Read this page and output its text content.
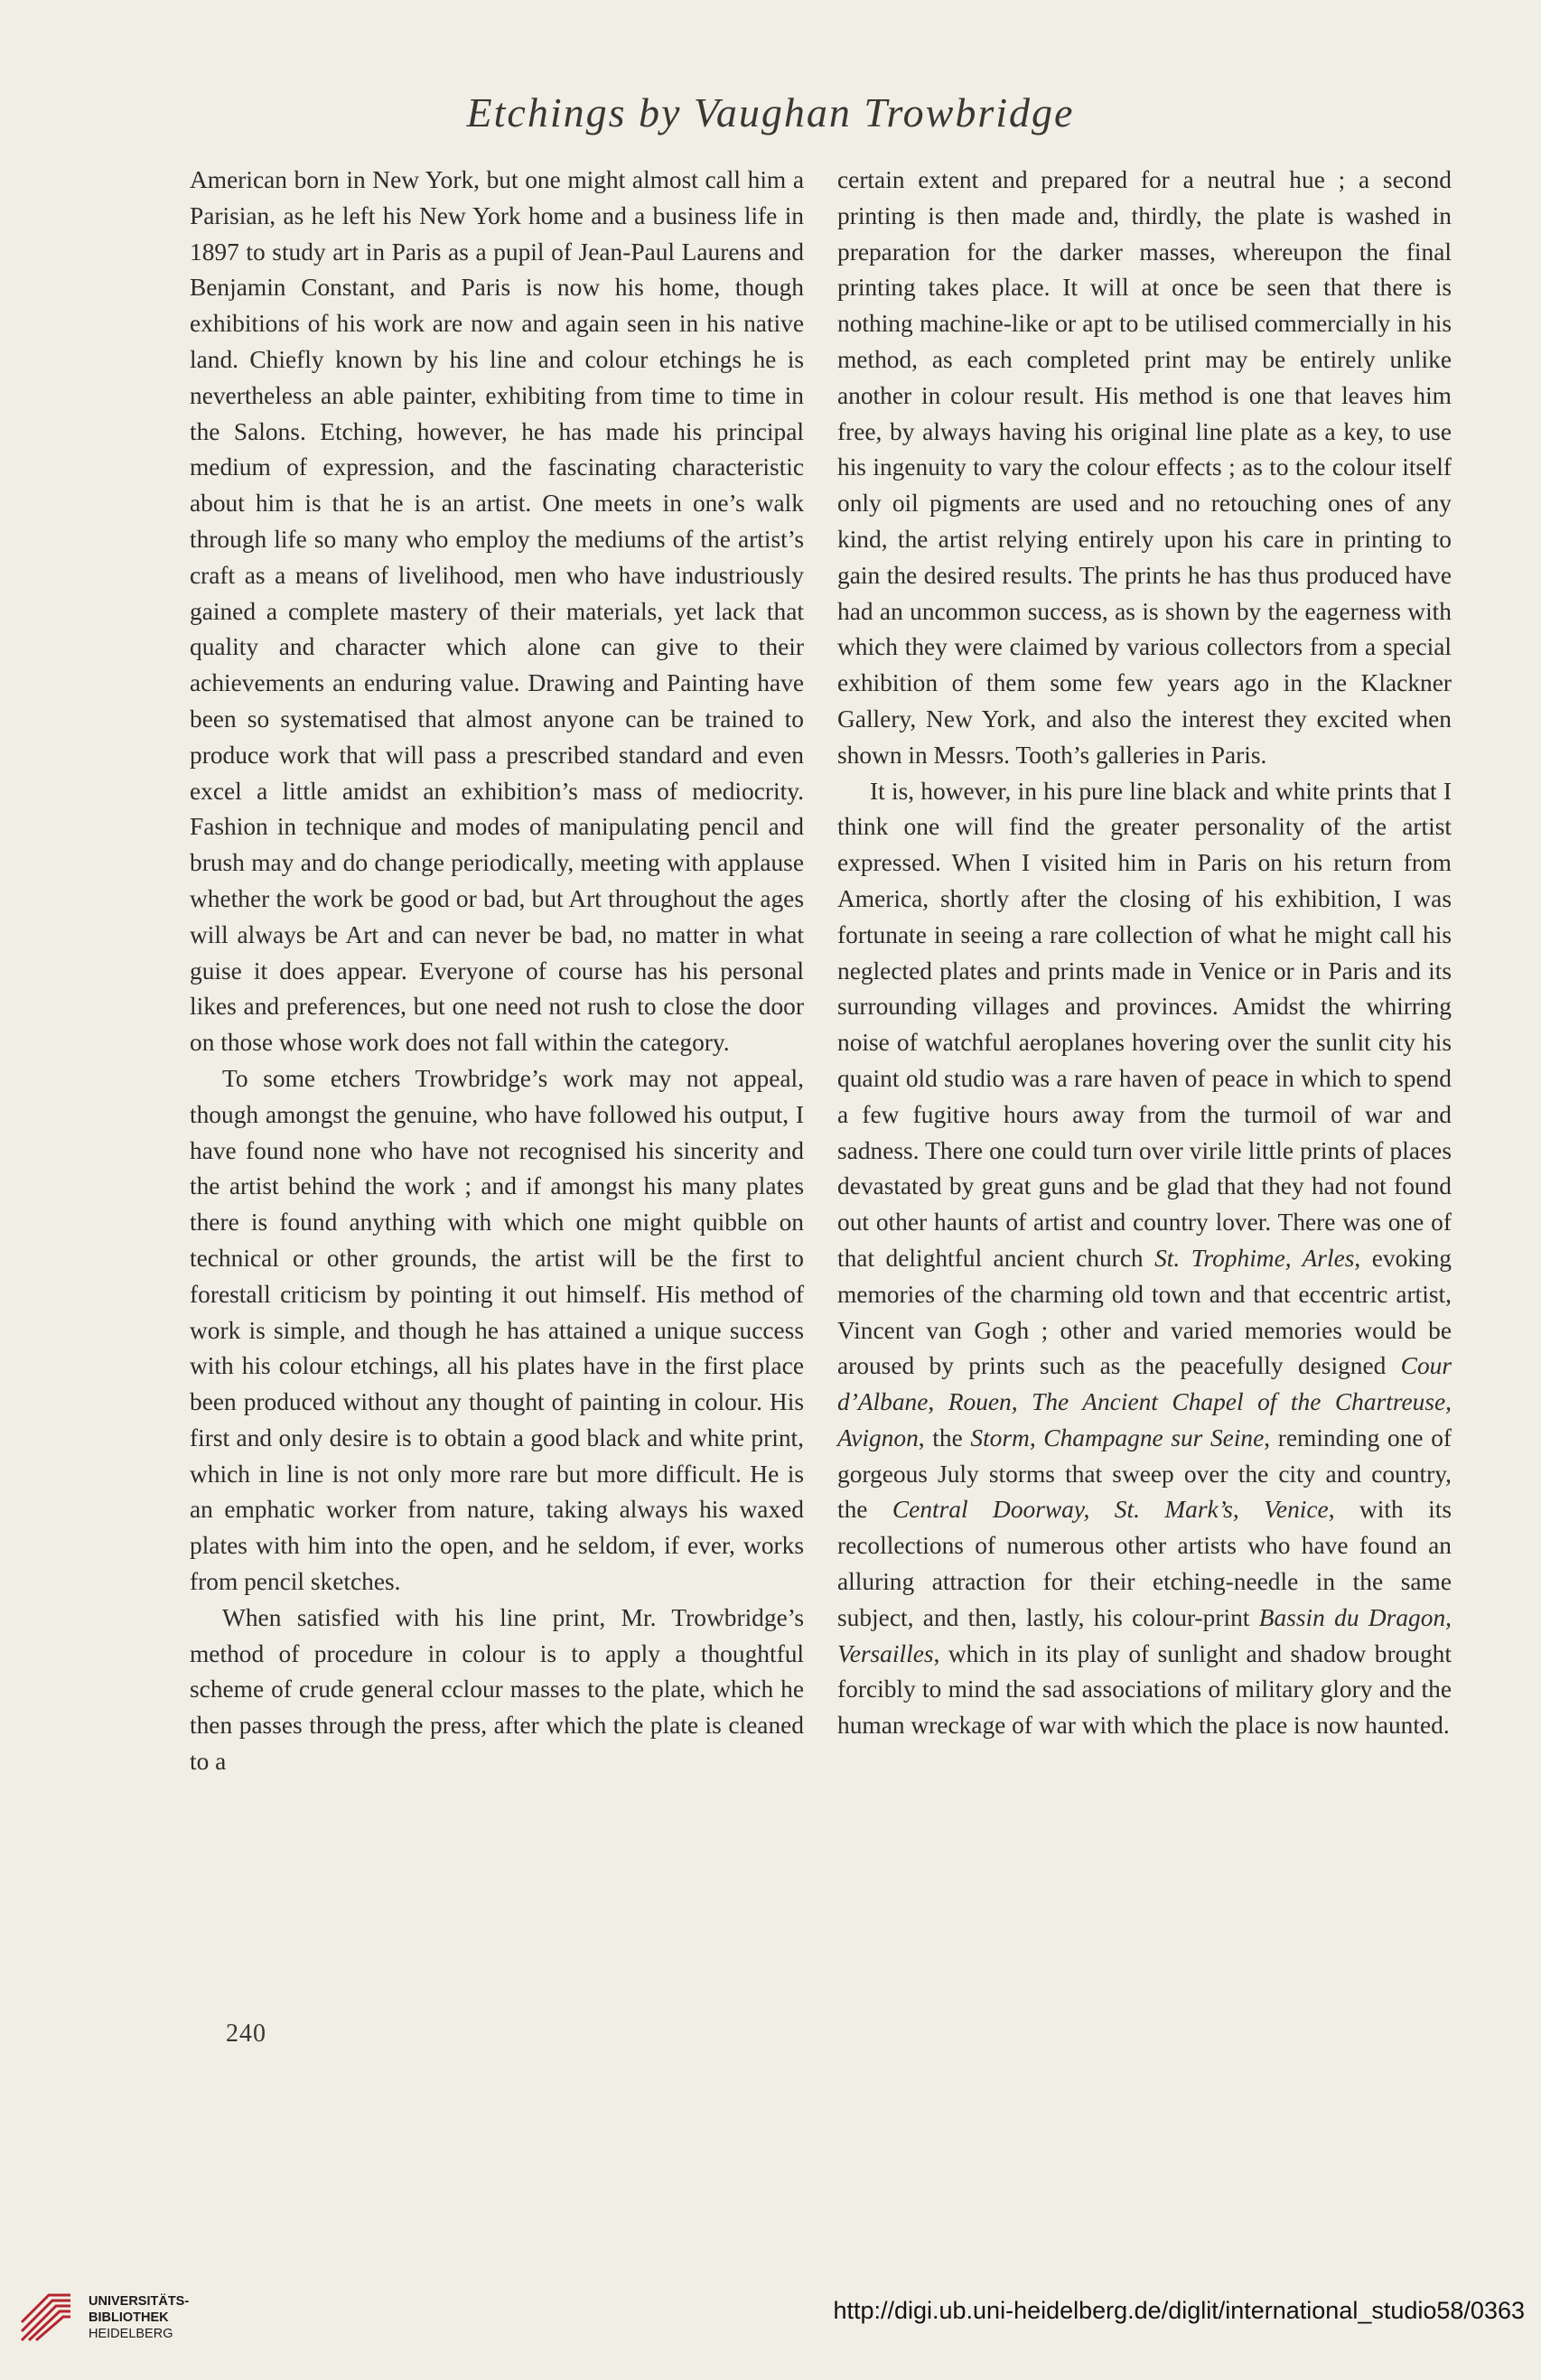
Etchings by Vaughan Trowbridge

American born in New York, but one might almost call him a Parisian, as he left his New York home and a business life in 1897 to study art in Paris as a pupil of Jean-Paul Laurens and Benjamin Constant, and Paris is now his home, though exhibitions of his work are now and again seen in his native land. Chiefly known by his line and colour etchings he is nevertheless an able painter, exhibiting from time to time in the Salons. Etching, however, he has made his principal medium of expression, and the fascinating characteristic about him is that he is an artist. One meets in one’s walk through life so many who employ the mediums of the artist’s craft as a means of livelihood, men who have industriously gained a complete mastery of their materials, yet lack that quality and character which alone can give to their achievements an enduring value. Drawing and Painting have been so systematised that almost anyone can be trained to produce work that will pass a prescribed standard and even excel a little amidst an exhibition’s mass of mediocrity. Fashion in technique and modes of manipulating pencil and brush may and do change periodically, meeting with applause whether the work be good or bad, but Art throughout the ages will always be Art and can never be bad, no matter in what guise it does appear. Everyone of course has his personal likes and preferences, but one need not rush to close the door on those whose work does not fall within the category.

To some etchers Trowbridge’s work may not appeal, though amongst the genuine, who have followed his output, I have found none who have not recognised his sincerity and the artist behind the work ; and if amongst his many plates there is found anything with which one might quibble on technical or other grounds, the artist will be the first to forestall criticism by pointing it out himself. His method of work is simple, and though he has attained a unique success with his colour etchings, all his plates have in the first place been produced without any thought of painting in colour. His first and only desire is to obtain a good black and white print, which in line is not only more rare but more difficult. He is an emphatic worker from nature, taking always his waxed plates with him into the open, and he seldom, if ever, works from pencil sketches.

When satisfied with his line print, Mr. Trowbridge’s method of procedure in colour is to apply a thoughtful scheme of crude general cclour masses to the plate, which he then passes through the press, after which the plate is cleaned to a

certain extent and prepared for a neutral hue ; a second printing is then made and, thirdly, the plate is washed in preparation for the darker masses, whereupon the final printing takes place. It will at once be seen that there is nothing machine-like or apt to be utilised commercially in his method, as each completed print may be entirely unlike another in colour result. His method is one that leaves him free, by always having his original line plate as a key, to use his ingenuity to vary the colour effects ; as to the colour itself only oil pigments are used and no retouching ones of any kind, the artist relying entirely upon his care in printing to gain the desired results. The prints he has thus produced have had an uncommon success, as is shown by the eagerness with which they were claimed by various collectors from a special exhibition of them some few years ago in the Klackner Gallery, New York, and also the interest they excited when shown in Messrs. Tooth’s galleries in Paris.

It is, however, in his pure line black and white prints that I think one will find the greater personality of the artist expressed. When I visited him in Paris on his return from America, shortly after the closing of his exhibition, I was fortunate in seeing a rare collection of what he might call his neglected plates and prints made in Venice or in Paris and its surrounding villages and provinces. Amidst the whirring noise of watchful aeroplanes hovering over the sunlit city his quaint old studio was a rare haven of peace in which to spend a few fugitive hours away from the turmoil of war and sadness. There one could turn over virile little prints of places devastated by great guns and be glad that they had not found out other haunts of artist and country lover. There was one of that delightful ancient church St. Trophime, Arles, evoking memories of the charming old town and that eccentric artist, Vincent van Gogh ; other and varied memories would be aroused by prints such as the peacefully designed Cour d’Albane, Rouen, The Ancient Chapel of the Chartreuse, Avignon, the Storm, Champagne sur Seine, reminding one of gorgeous July storms that sweep over the city and country, the Central Doorway, St. Mark’s, Venice, with its recollections of numerous other artists who have found an alluring attraction for their etching-needle in the same subject, and then, lastly, his colour-print Bassin du Dragon, Versailles, which in its play of sunlight and shadow brought forcibly to mind the sad associations of military glory and the human wreckage of war with which the place is now haunted.

240
UNIVERSITÄTS-
BIBLIOTHEK
HEIDELBERG
http://digi.ub.uni-heidelberg.de/diglit/international_studio58/0363
